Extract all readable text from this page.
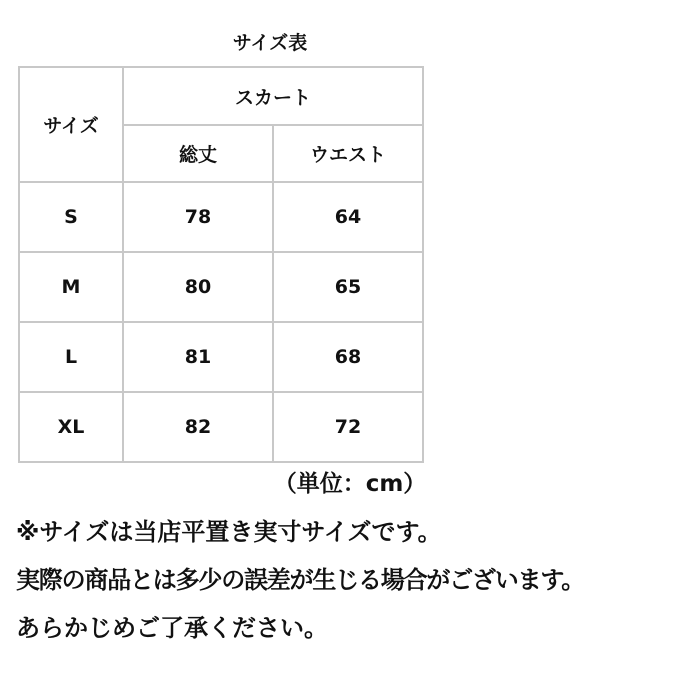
サイズ表
サイズ	スカート	
	総丈	ウエスト
S	78	64
M	80	65
L	81	68
XL	82	72
（単位：cm）
※サイズは当店平置き実寸サイズです。
実際の商品とは多少の誤差が生じる場合がございます。
あらかじめご了承ください。
